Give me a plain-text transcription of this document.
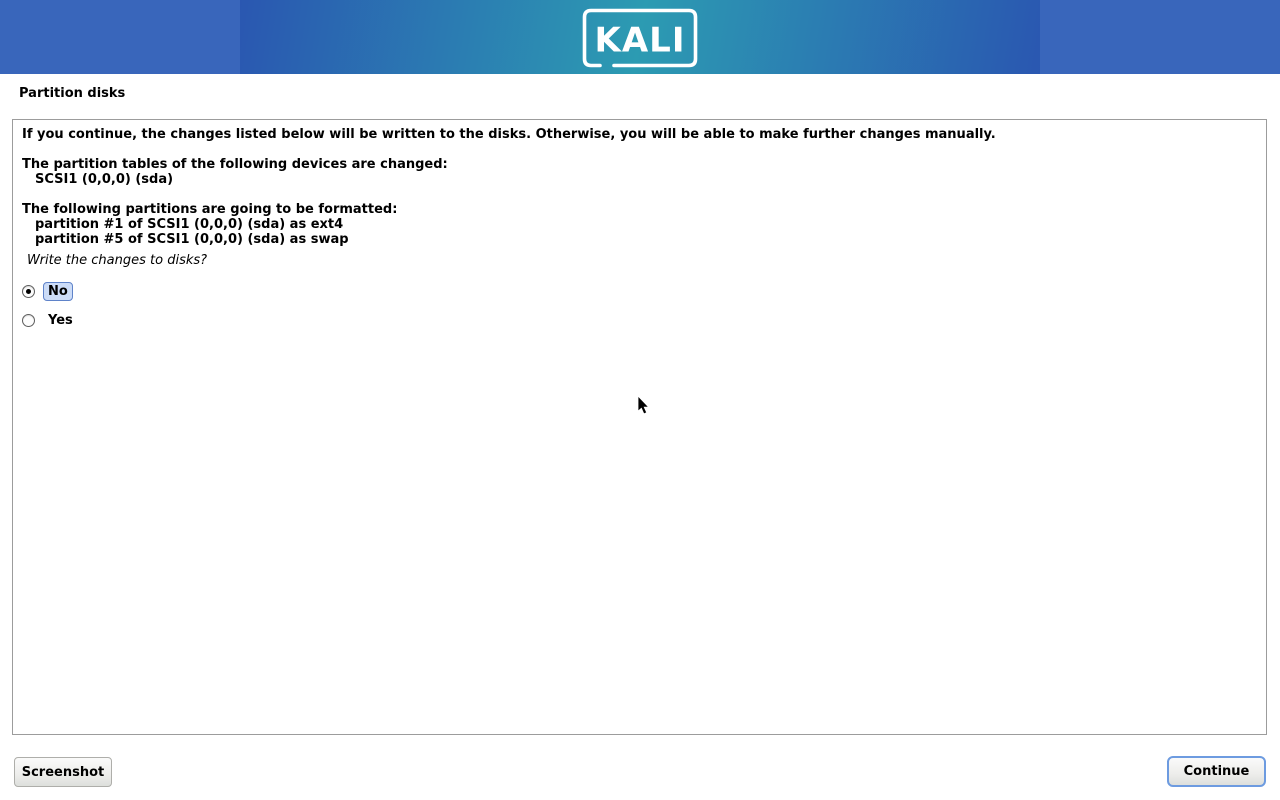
KALI
Partition disks

If you continue, the changes listed below will be written to the disks. Otherwise, you will be able to make further changes manually.

The partition tables of the following devices are changed:

SCSI1 (0,0,0) (sda)

The following partitions are going to be formatted:

partition #1 of SCSI1 (0,0,0) (sda) as ext4

partition #5 of SCSI1 (0,0,0) (sda) as swap

Write the changes to disks?

No
Yes
Screenshot	Continue
